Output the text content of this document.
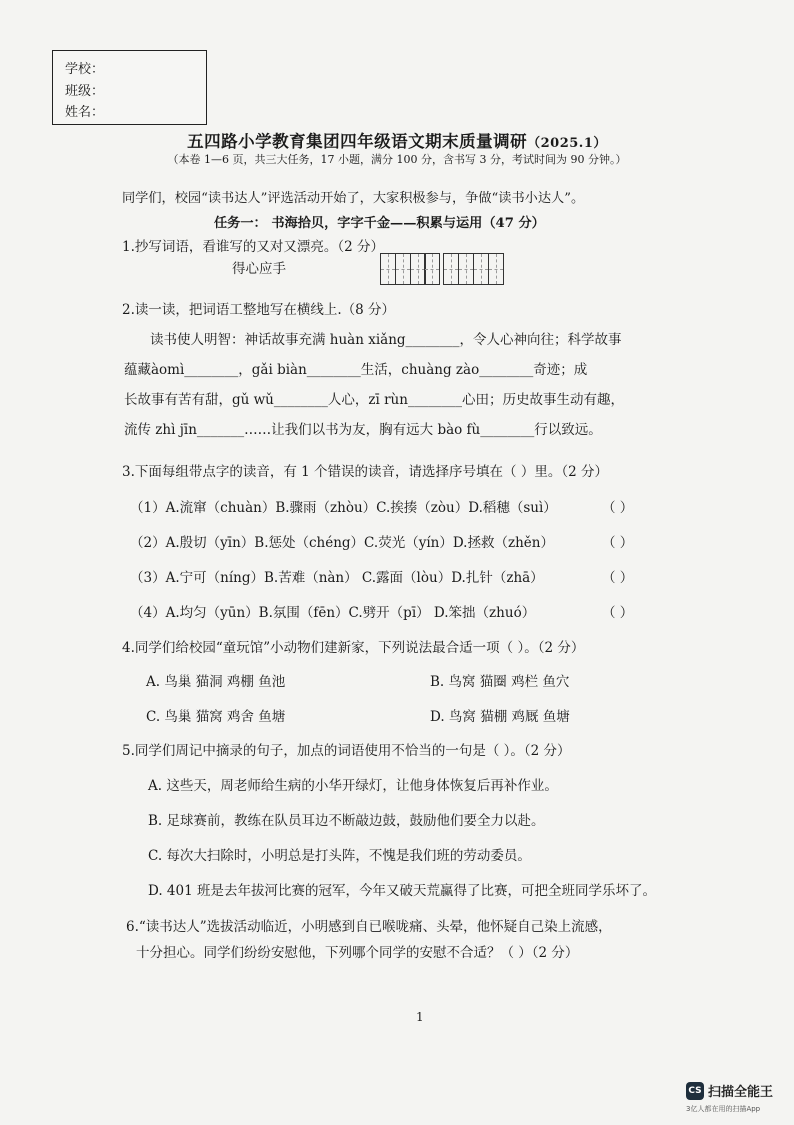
学校：
班级：
姓名：
五四路小学教育集团四年级语文期末质量调研（2025.1）
（本卷 1—6 页，共三大任务，17 小题，满分 100 分，含书写 3 分，考试时间为 90 分钟。）
同学们，校园“读书达人”评选活动开始了，大家积极参与，争做“读书小达人”。
任务一： 书海拾贝，字字千金——积累与运用（47 分）
1.抄写词语，看谁写的又对又漂亮。（2 分）
得心应手
2.读一读，把词语工整地写在横线上.（8 分）
读书使人明智：神话故事充满 huàn xiǎng________，令人心神向往；科学故事
蕴藏àomì________，gǎi biàn________生活，chuàng zào________奇迹；成
长故事有苦有甜，gǔ wǔ________人心，zī rùn________心田；历史故事生动有趣，
流传 zhì jīn_______……让我们以书为友，胸有远大 bào fù________行以致远。
3.下面每组带点字的读音，有 1 个错误的读音，请选择序号填在（ ）里。（2 分）
（1）A.流窜（chuàn）B.骤雨（zhòu）C.挨揍（zòu）D.稻穗（suì）	（ ）
（2）A.殷切（yīn）B.惩处（chéng）C.荧光（yín）D.拯救（zhěn）	（ ）
（3）A.宁可（níng）B.苦难（nàn） C.露面（lòu）D.扎针（zhā）	（ ）
（4）A.均匀（yūn）B.氛围（fēn）C.劈开（pī） D.笨拙（zhuó）	（ ）
4.同学们给校园“童玩馆”小动物们建新家，下列说法最合适一项（ ）。（2 分）
A. 鸟巢 猫洞 鸡棚 鱼池	B. 鸟窝 猫圈 鸡栏 鱼穴
C. 鸟巢 猫窝 鸡舍 鱼塘	D. 鸟窝 猫棚 鸡厩 鱼塘
5.同学们周记中摘录的句子，加点的词语使用不恰当的一句是（ ）。（2 分）
A. 这些天，周老师给生病的小华开绿灯，让他身体恢复后再补作业。
B. 足球赛前，教练在队员耳边不断敲边鼓，鼓励他们要全力以赴。
C. 每次大扫除时，小明总是打头阵，不愧是我们班的劳动委员。
D. 401 班是去年拔河比赛的冠军，今年又破天荒赢得了比赛，可把全班同学乐坏了。
6.“读书达人”选拔活动临近，小明感到自已喉咙痛、头晕，他怀疑自己染上流感，
十分担心。同学们纷纷安慰他，下列哪个同学的安慰不合适？（ ）（2 分）
1
CS 扫描全能王
3亿人都在用的扫描App
